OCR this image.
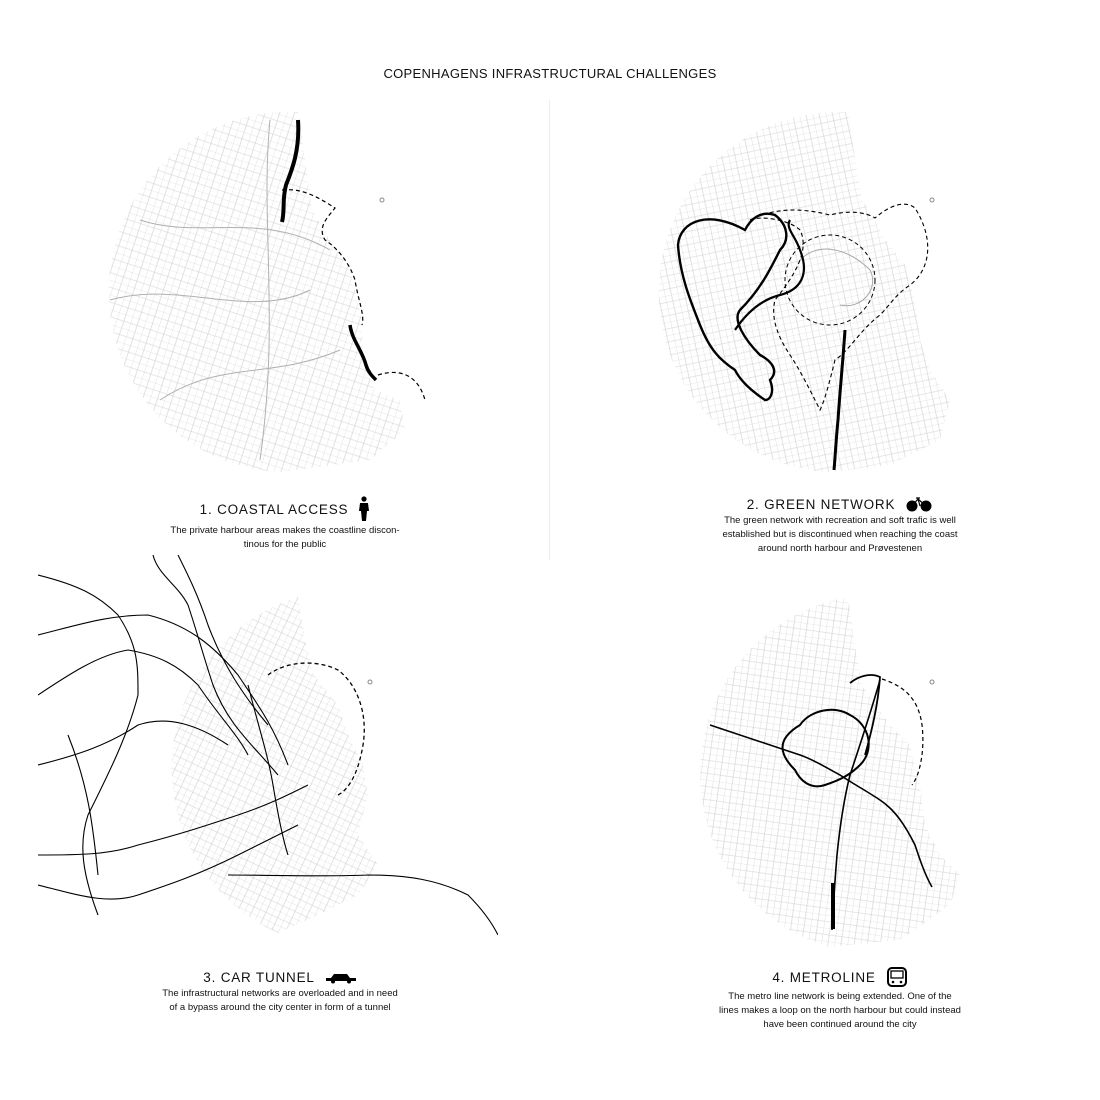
COPENHAGENS INFRASTRUCTURAL CHALLENGES
1. COASTAL ACCESS
The private harbour areas makes the coastline discon-
tinous for the public
2. GREEN NETWORK
The green network with recreation and soft trafic is well
established but is discontinued when reaching the coast
around north harbour and Prøvestenen
3. CAR TUNNEL
The infrastructural networks are overloaded and in need
of a bypass around the city center in form of a tunnel
4. METROLINE
The metro line network is being extended. One of the
lines makes a loop on the north harbour but could instead
have been continued around the city
